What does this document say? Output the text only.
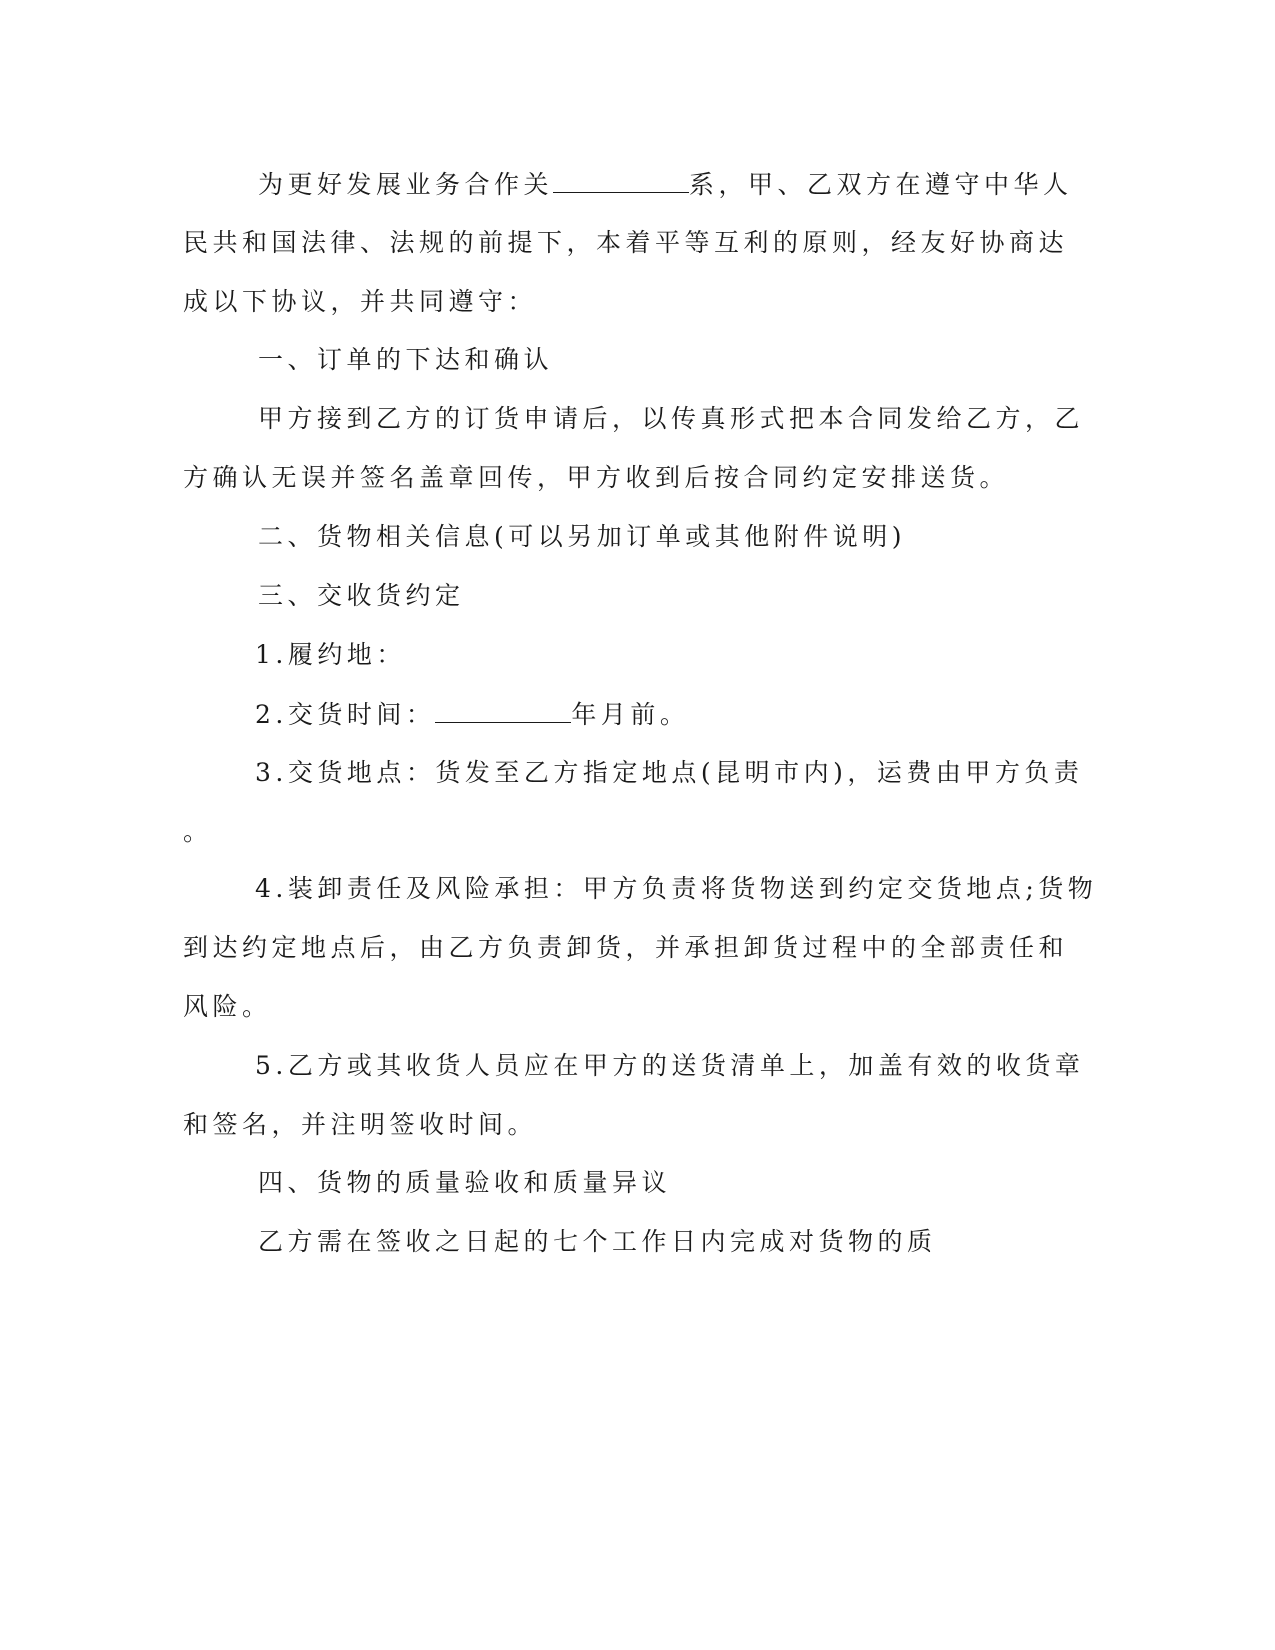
为更好发展业务合作关	系，甲、乙双方在遵守中华人
民共和国法律、法规的前提下，本着平等互利的原则，经友好协商达
成以下协议，并共同遵守：
一、订单的下达和确认
甲方接到乙方的订货申请后，以传真形式把本合同发给乙方，乙
方确认无误并签名盖章回传，甲方收到后按合同约定安排送货。
二、货物相关信息(可以另加订单或其他附件说明)
三、交收货约定
1.履约地：
2.交货时间：	年月前。
3.交货地点：货发至乙方指定地点(昆明市内)，运费由甲方负责
。
4.装卸责任及风险承担：甲方负责将货物送到约定交货地点;货物
到达约定地点后，由乙方负责卸货，并承担卸货过程中的全部责任和
风险。
5.乙方或其收货人员应在甲方的送货清单上，加盖有效的收货章
和签名，并注明签收时间。
四、货物的质量验收和质量异议
乙方需在签收之日起的七个工作日内完成对货物的质
